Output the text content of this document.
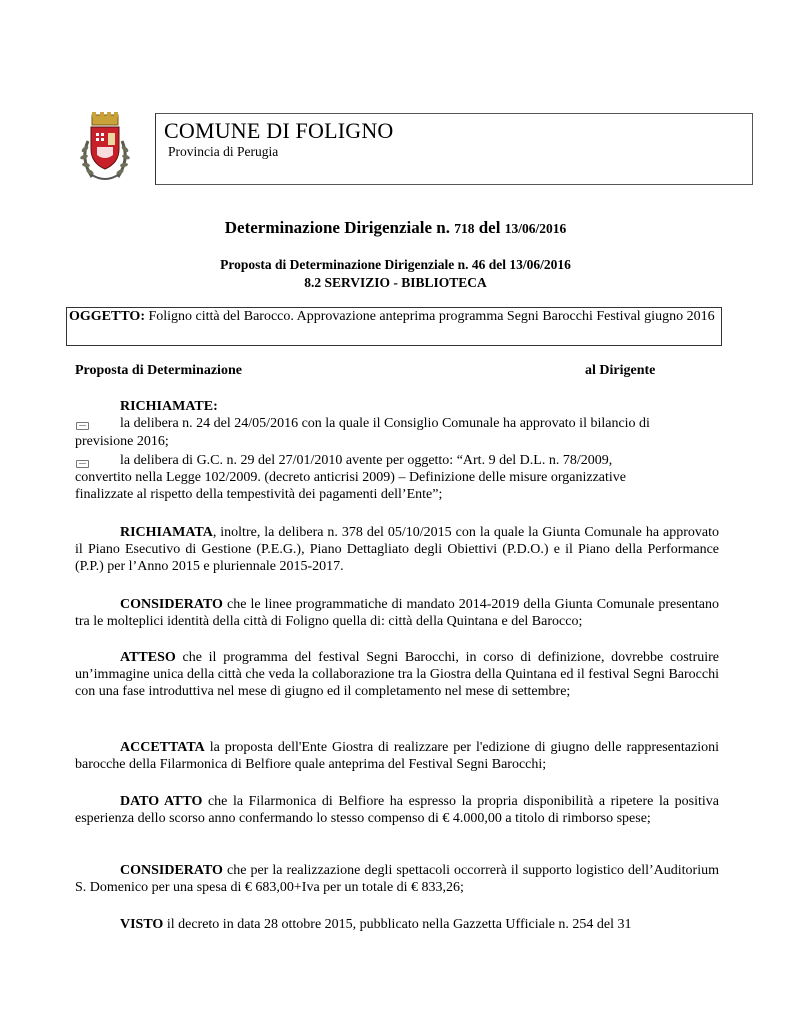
COMUNE DI FOLIGNO
Provincia di Perugia
Determinazione Dirigenziale n. 718 del 13/06/2016
Proposta di Determinazione Dirigenziale n. 46 del 13/06/2016
8.2 SERVIZIO - BIBLIOTECA
OGGETTO: Foligno città del Barocco. Approvazione anteprima programma Segni Barocchi Festival giugno 2016
Proposta di Determinazione	al Dirigente
RICHIAMATE:
la delibera n. 24 del 24/05/2016 con la quale il Consiglio Comunale ha approvato il bilancio di
previsione 2016;
la delibera di G.C. n. 29 del 27/01/2010 avente per oggetto: “Art. 9 del D.L. n. 78/2009,
convertito nella Legge 102/2009. (decreto anticrisi 2009) – Definizione delle misure organizzative
finalizzate al rispetto della tempestività dei pagamenti dell’Ente”;
RICHIAMATA, inoltre, la delibera n. 378 del 05/10/2015 con la quale la Giunta Comunale ha approvato il Piano Esecutivo di Gestione (P.E.G.), Piano Dettagliato degli Obiettivi (P.D.O.) e il Piano della Performance (P.P.) per l’Anno 2015 e pluriennale 2015-2017.
CONSIDERATO che le linee programmatiche di mandato 2014-2019 della Giunta Comunale presentano tra le molteplici identità della città di Foligno quella di: città della Quintana e del Barocco;
ATTESO che il programma del festival Segni Barocchi, in corso di definizione, dovrebbe costruire un’immagine unica della città che veda la collaborazione tra la Giostra della Quintana ed il festival Segni Barocchi con una fase introduttiva nel mese di giugno ed il completamento nel mese di settembre;
ACCETTATA la proposta dell'Ente Giostra di realizzare per l'edizione di giugno delle rappresentazioni barocche della Filarmonica di Belfiore quale anteprima del Festival Segni Barocchi;
DATO ATTO che la Filarmonica di Belfiore ha espresso la propria disponibilità a ripetere la positiva esperienza dello scorso anno confermando lo stesso compenso di € 4.000,00 a titolo di rimborso spese;
CONSIDERATO che per la realizzazione degli spettacoli occorrerà il supporto logistico dell’Auditorium S. Domenico per una spesa di € 683,00+Iva per un totale di € 833,26;
VISTO il decreto in data 28 ottobre 2015, pubblicato nella Gazzetta Ufficiale n. 254 del 31
